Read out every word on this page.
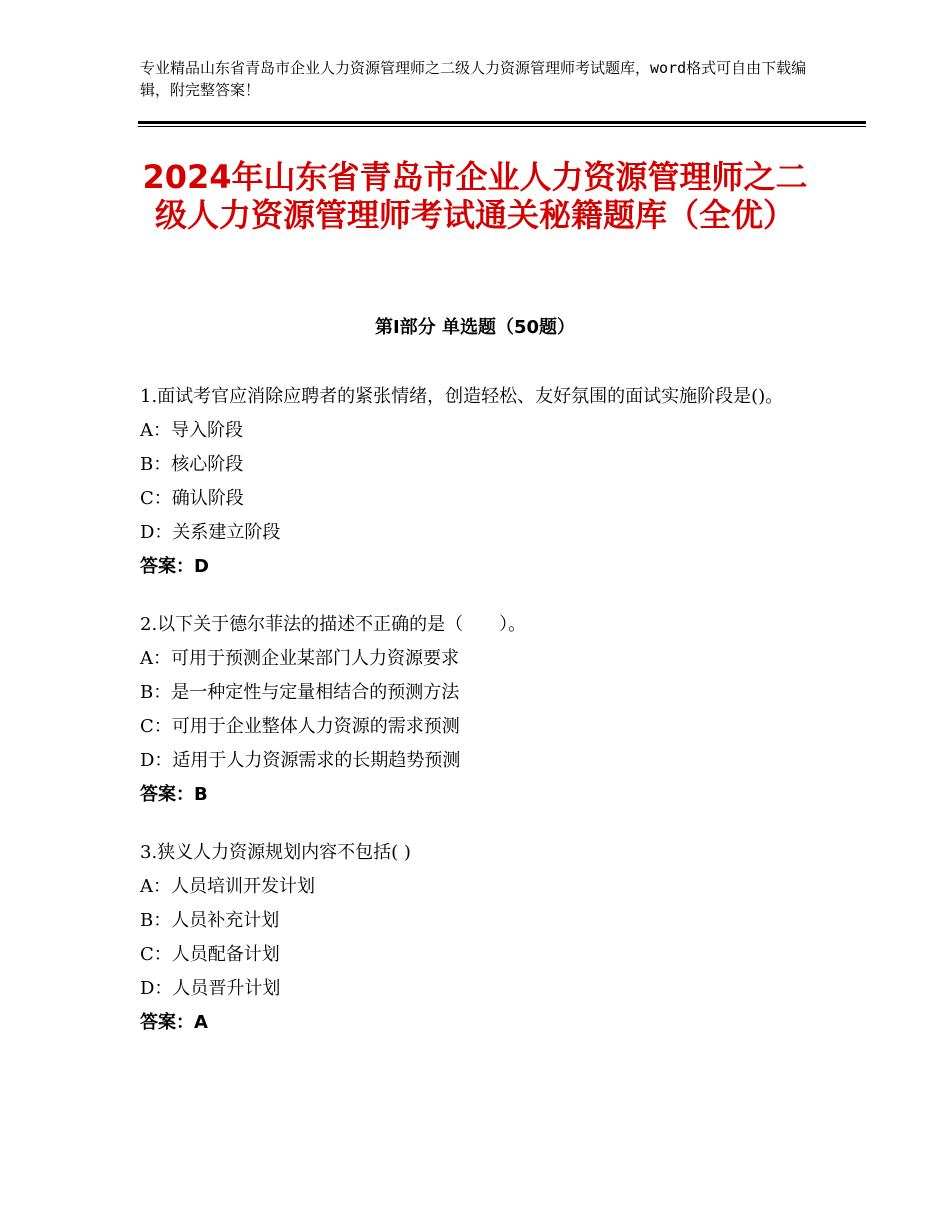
专业精品山东省青岛市企业人力资源管理师之二级人力资源管理师考试题库，word格式可自由下载编辑，附完整答案！
2024年山东省青岛市企业人力资源管理师之二级人力资源管理师考试通关秘籍题库（全优）
第Ⅰ部分 单选题（50题）
1.面试考官应消除应聘者的紧张情绪，创造轻松、友好氛围的面试实施阶段是()。
A：导入阶段
B：核心阶段
C：确认阶段
D：关系建立阶段
答案：D
2.以下关于德尔菲法的描述不正确的是（　　）。
A：可用于预测企业某部门人力资源要求
B：是一种定性与定量相结合的预测方法
C：可用于企业整体人力资源的需求预测
D：适用于人力资源需求的长期趋势预测
答案：B
3.狭义人力资源规划内容不包括( )
A：人员培训开发计划
B：人员补充计划
C：人员配备计划
D：人员晋升计划
答案：A
